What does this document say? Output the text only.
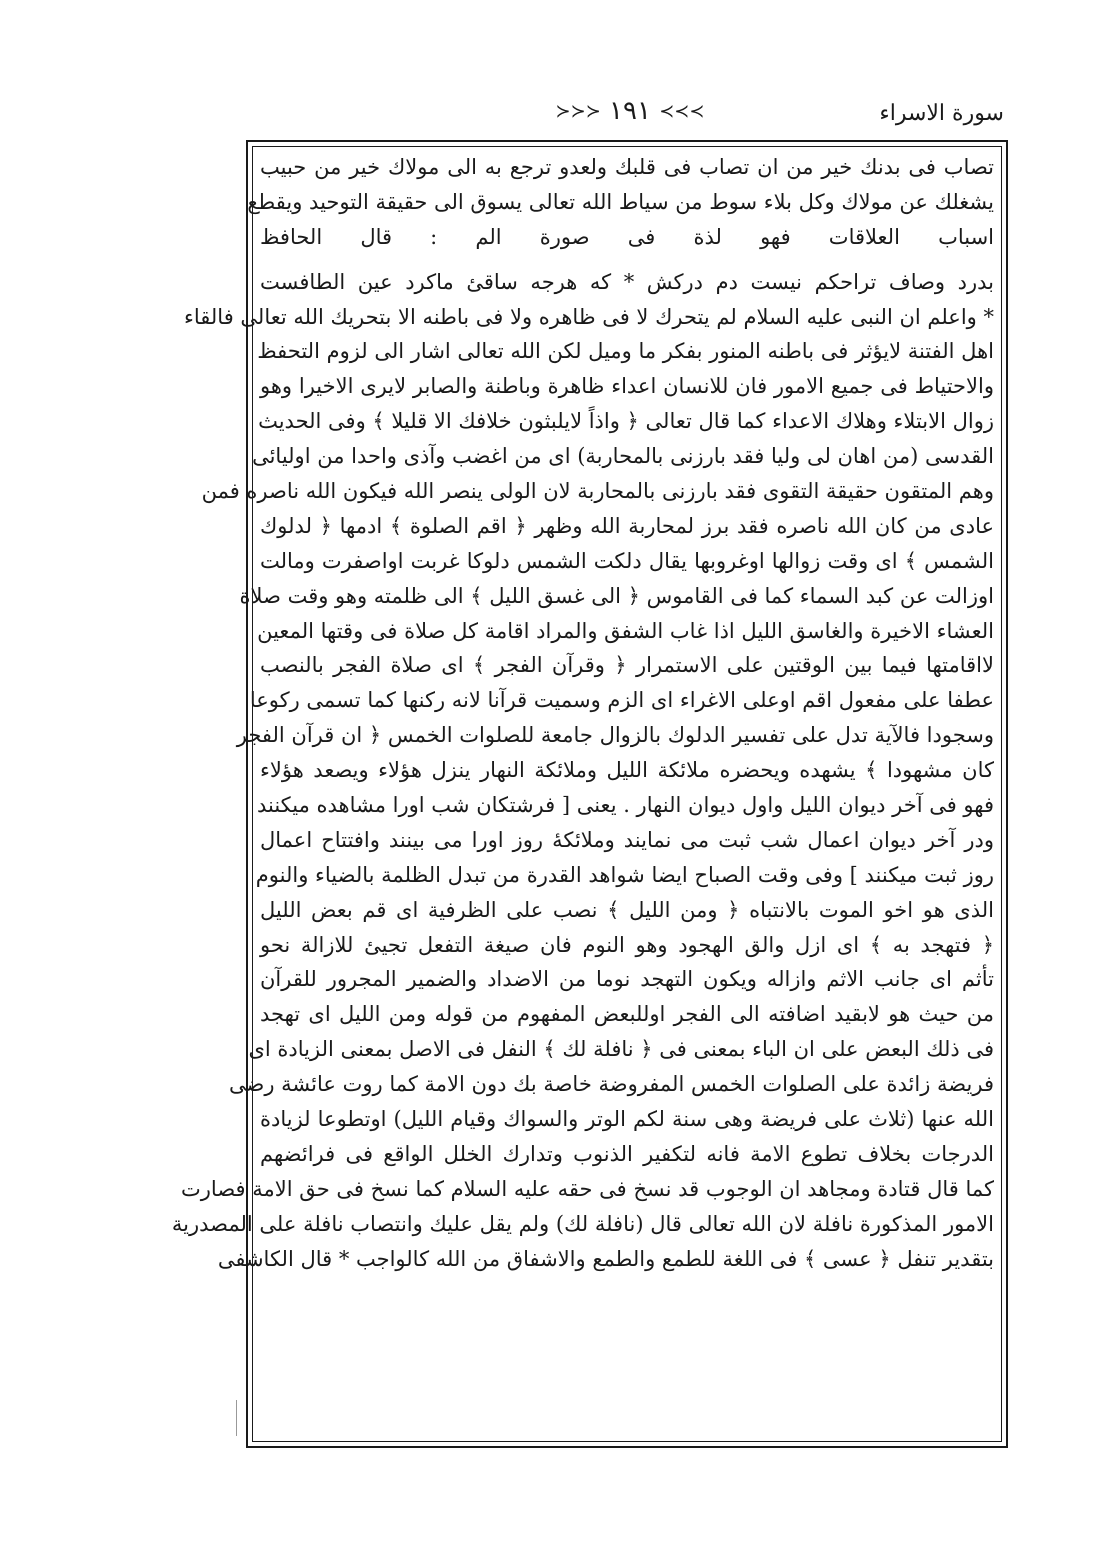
≻≻≻ ١٩١ ≺≺≺	سورة الاسراء
تصاب فى بدنك خير من ان تصاب فى قلبك ولعدو ترجع به الى مولاك خير من حبيب
يشغلك عن مولاك وكل بلاء سوط من سياط الله تعالى يسوق الى حقيقة التوحيد ويقطع
اسباب العلاقات فهو لذة فى صورة الم : قال الحافظ
بدرد وصاف تراحكم نيست دم دركش * كه هرجه ساقئ ماكرد عين الطافست
* واعلم ان النبى عليه السلام لم يتحرك لا فى ظاهره ولا فى باطنه الا بتحريك الله تعالى فالقاء
اهل الفتنة لايؤثر فى باطنه المنور بفكر ما وميل لكن الله تعالى اشار الى لزوم التحفظ
والاحتياط فى جميع الامور فان للانسان اعداء ظاهرة وباطنة والصابر لايرى الاخيرا وهو
زوال الابتلاء وهلاك الاعداء كما قال تعالى ﴿ واذاً لايلبثون خلافك الا قليلا ﴾ وفى الحديث
القدسى (من اهان لى وليا فقد بارزنى بالمحاربة) اى من اغضب وآذى واحدا من اوليائى
وهم المتقون حقيقة التقوى فقد بارزنى بالمحاربة لان الولى ينصر الله فيكون الله ناصره فمن
عادى من كان الله ناصره فقد برز لمحاربة الله وظهر ﴿ اقم الصلوة ﴾ ادمها ﴿ لدلوك
الشمس ﴾ اى وقت زوالها اوغروبها يقال دلكت الشمس دلوكا غربت اواصفرت ومالت
اوزالت عن كبد السماء كما فى القاموس ﴿ الى غسق الليل ﴾ الى ظلمته وهو وقت صلاة
العشاء الاخيرة والغاسق الليل اذا غاب الشفق والمراد اقامة كل صلاة فى وقتها المعين
لااقامتها فيما بين الوقتين على الاستمرار ﴿ وقرآن الفجر ﴾ اى صلاة الفجر بالنصب
عطفا على مفعول اقم اوعلى الاغراء اى الزم وسميت قرآنا لانه ركنها كما تسمى ركوعا
وسجودا فالآية تدل على تفسير الدلوك بالزوال جامعة للصلوات الخمس ﴿ ان قرآن الفجر
كان مشهودا ﴾ يشهده ويحضره ملائكة الليل وملائكة النهار ينزل هؤلاء ويصعد هؤلاء
فهو فى آخر ديوان الليل واول ديوان النهار . يعنى [ فرشتكان شب اورا مشاهده ميكنند
ودر آخر ديوان اعمال شب ثبت مى نمايند وملائكهٔ روز اورا مى بينند وافتتاح اعمال
روز ثبت ميكنند ] وفى وقت الصباح ايضا شواهد القدرة من تبدل الظلمة بالضياء والنوم
الذى هو اخو الموت بالانتباه ﴿ ومن الليل ﴾ نصب على الظرفية اى قم بعض الليل
﴿ فتهجد به ﴾ اى ازل والق الهجود وهو النوم فان صيغة التفعل تجيئ للازالة نحو
تأثم اى جانب الاثم وازاله ويكون التهجد نوما من الاضداد والضمير المجرور للقرآن
من حيث هو لابقيد اضافته الى الفجر اوللبعض المفهوم من قوله ومن الليل اى تهجد
فى ذلك البعض على ان الباء بمعنى فى ﴿ نافلة لك ﴾ النفل فى الاصل بمعنى الزيادة اى
فريضة زائدة على الصلوات الخمس المفروضة خاصة بك دون الامة كما روت عائشة رضى
الله عنها (ثلاث على فريضة وهى سنة لكم الوتر والسواك وقيام الليل) اوتطوعا لزيادة
الدرجات بخلاف تطوع الامة فانه لتكفير الذنوب وتدارك الخلل الواقع فى فرائضهم
كما قال قتادة ومجاهد ان الوجوب قد نسخ فى حقه عليه السلام كما نسخ فى حق الامة فصارت
الامور المذكورة نافلة لان الله تعالى قال (نافلة لك) ولم يقل عليك وانتصاب نافلة على المصدرية
بتقدير تنفل ﴿ عسى ﴾ فى اللغة للطمع والطمع والاشفاق من الله كالواجب * قال الكاشفى
